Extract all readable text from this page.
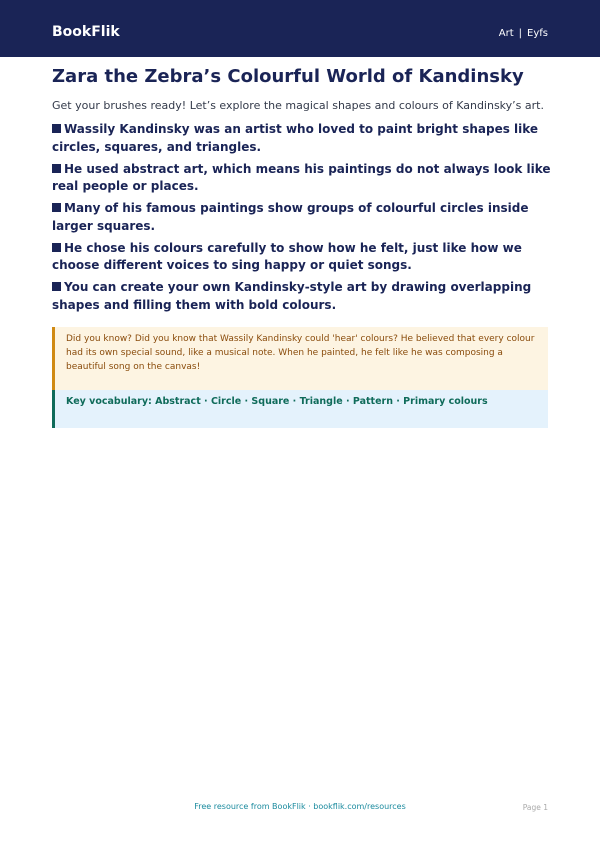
BookFlik	Art | Eyfs
Zara the Zebra’s Colourful World of Kandinsky

Get your brushes ready! Let’s explore the magical shapes and colours of Kandinsky’s art.

Wassily Kandinsky was an artist who loved to paint bright shapes like circles, squares, and triangles.
He used abstract art, which means his paintings do not always look like real people or places.
Many of his famous paintings show groups of colourful circles inside larger squares.
He chose his colours carefully to show how he felt, just like how we choose different voices to sing happy or quiet songs.
You can create your own Kandinsky-style art by drawing overlapping shapes and filling them with bold colours.

Did you know? Did you know that Wassily Kandinsky could 'hear' colours? He believed that every colour had its own special sound, like a musical note. When he painted, he felt like he was composing a beautiful song on the canvas!

Key vocabulary: Abstract · Circle · Square · Triangle · Pattern · Primary colours

Free resource from BookFlik · bookflik.com/resources	Page 1
